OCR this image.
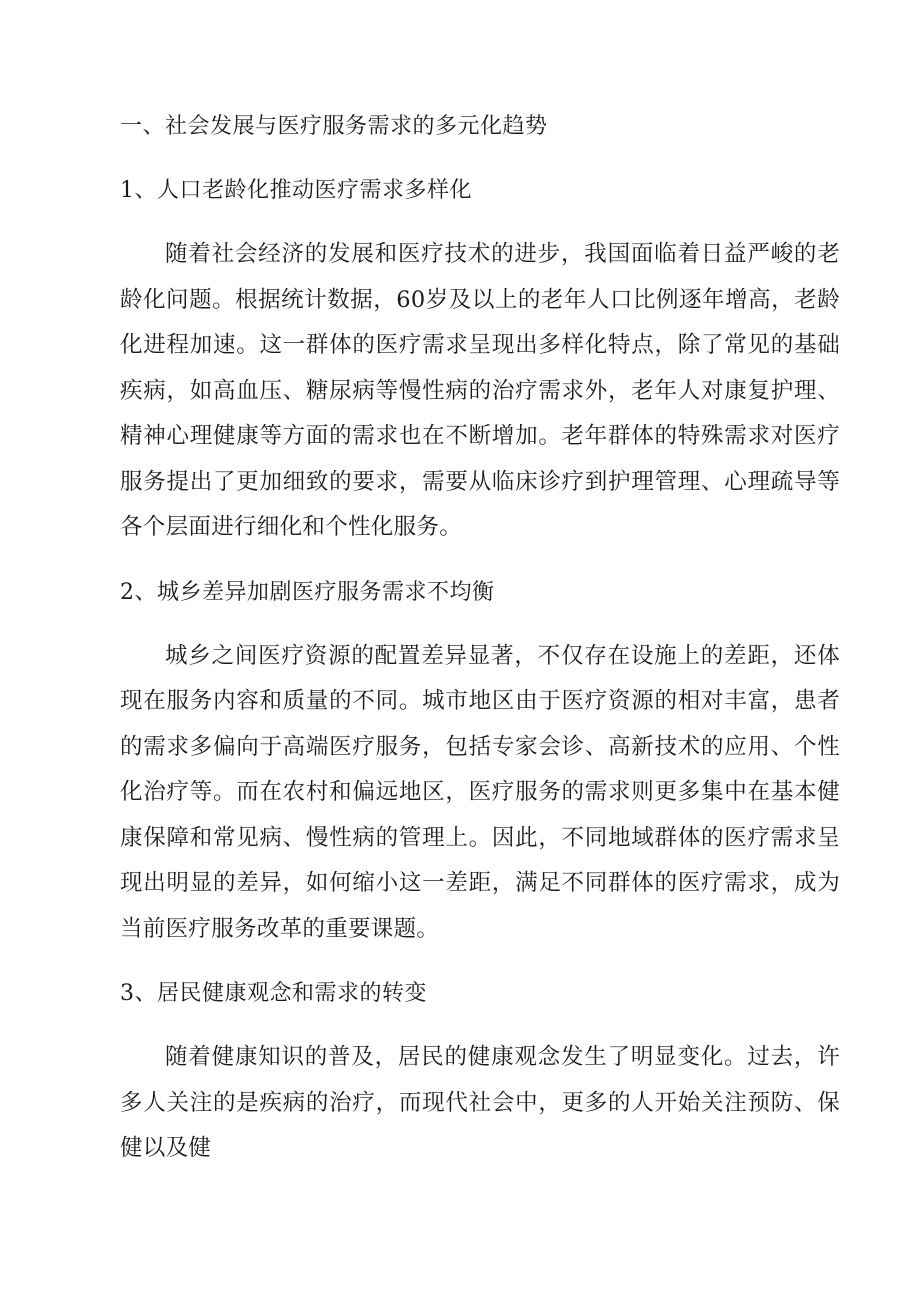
一、社会发展与医疗服务需求的多元化趋势

1、人口老龄化推动医疗需求多样化

随着社会经济的发展和医疗技术的进步，我国面临着日益严峻的老龄化问题。根据统计数据，60岁及以上的老年人口比例逐年增高，老龄化进程加速。这一群体的医疗需求呈现出多样化特点，除了常见的基础疾病，如高血压、糖尿病等慢性病的治疗需求外，老年人对康复护理、精神心理健康等方面的需求也在不断增加。老年群体的特殊需求对医疗服务提出了更加细致的要求，需要从临床诊疗到护理管理、心理疏导等各个层面进行细化和个性化服务。

2、城乡差异加剧医疗服务需求不均衡

城乡之间医疗资源的配置差异显著，不仅存在设施上的差距，还体现在服务内容和质量的不同。城市地区由于医疗资源的相对丰富，患者的需求多偏向于高端医疗服务，包括专家会诊、高新技术的应用、个性化治疗等。而在农村和偏远地区，医疗服务的需求则更多集中在基本健康保障和常见病、慢性病的管理上。因此，不同地域群体的医疗需求呈现出明显的差异，如何缩小这一差距，满足不同群体的医疗需求，成为当前医疗服务改革的重要课题。

3、居民健康观念和需求的转变

随着健康知识的普及，居民的健康观念发生了明显变化。过去，许多人关注的是疾病的治疗，而现代社会中，更多的人开始关注预防、保健以及健
